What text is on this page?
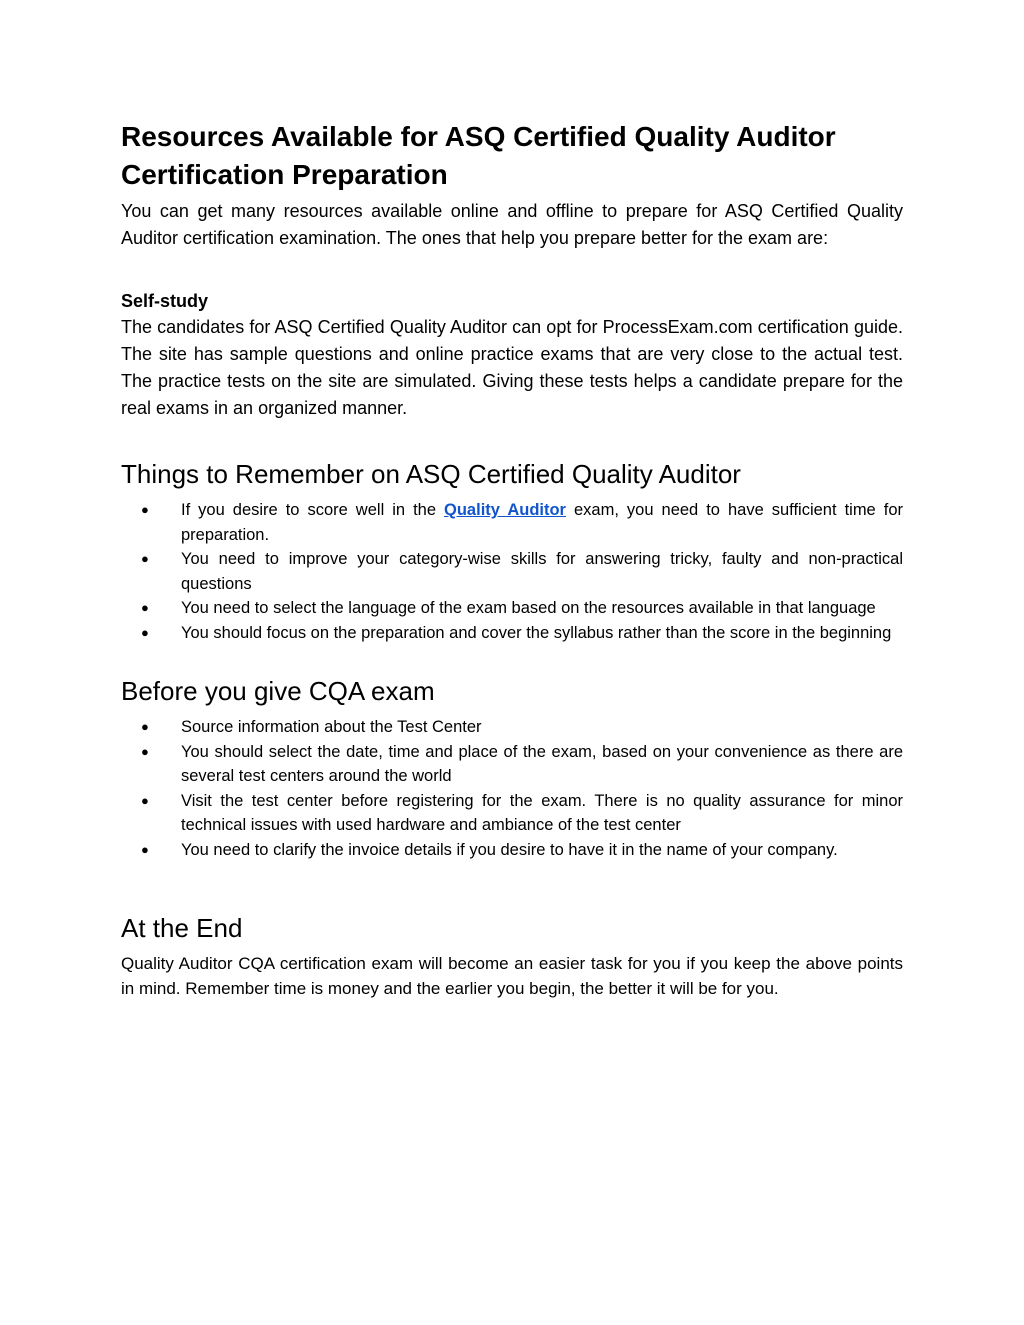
Resources Available for ASQ Certified Quality Auditor Certification Preparation

You can get many resources available online and offline to prepare for ASQ Certified Quality Auditor certification examination. The ones that help you prepare better for the exam are:

Self-study

The candidates for ASQ Certified Quality Auditor can opt for ProcessExam.com certification guide. The site has sample questions and online practice exams that are very close to the actual test. The practice tests on the site are simulated. Giving these tests helps a candidate prepare for the real exams in an organized manner.

Things to Remember on ASQ Certified Quality Auditor
● If you desire to score well in the Quality Auditor exam, you need to have sufficient time for preparation.
● You need to improve your category-wise skills for answering tricky, faulty and non-practical questions
● You need to select the language of the exam based on the resources available in that language
● You should focus on the preparation and cover the syllabus rather than the score in the beginning
Before you give CQA exam
● Source information about the Test Center
● You should select the date, time and place of the exam, based on your convenience as there are several test centers around the world
● Visit the test center before registering for the exam. There is no quality assurance for minor technical issues with used hardware and ambiance of the test center
● You need to clarify the invoice details if you desire to have it in the name of your company.
At the End

Quality Auditor CQA certification exam will become an easier task for you if you keep the above points in mind. Remember time is money and the earlier you begin, the better it will be for you.
